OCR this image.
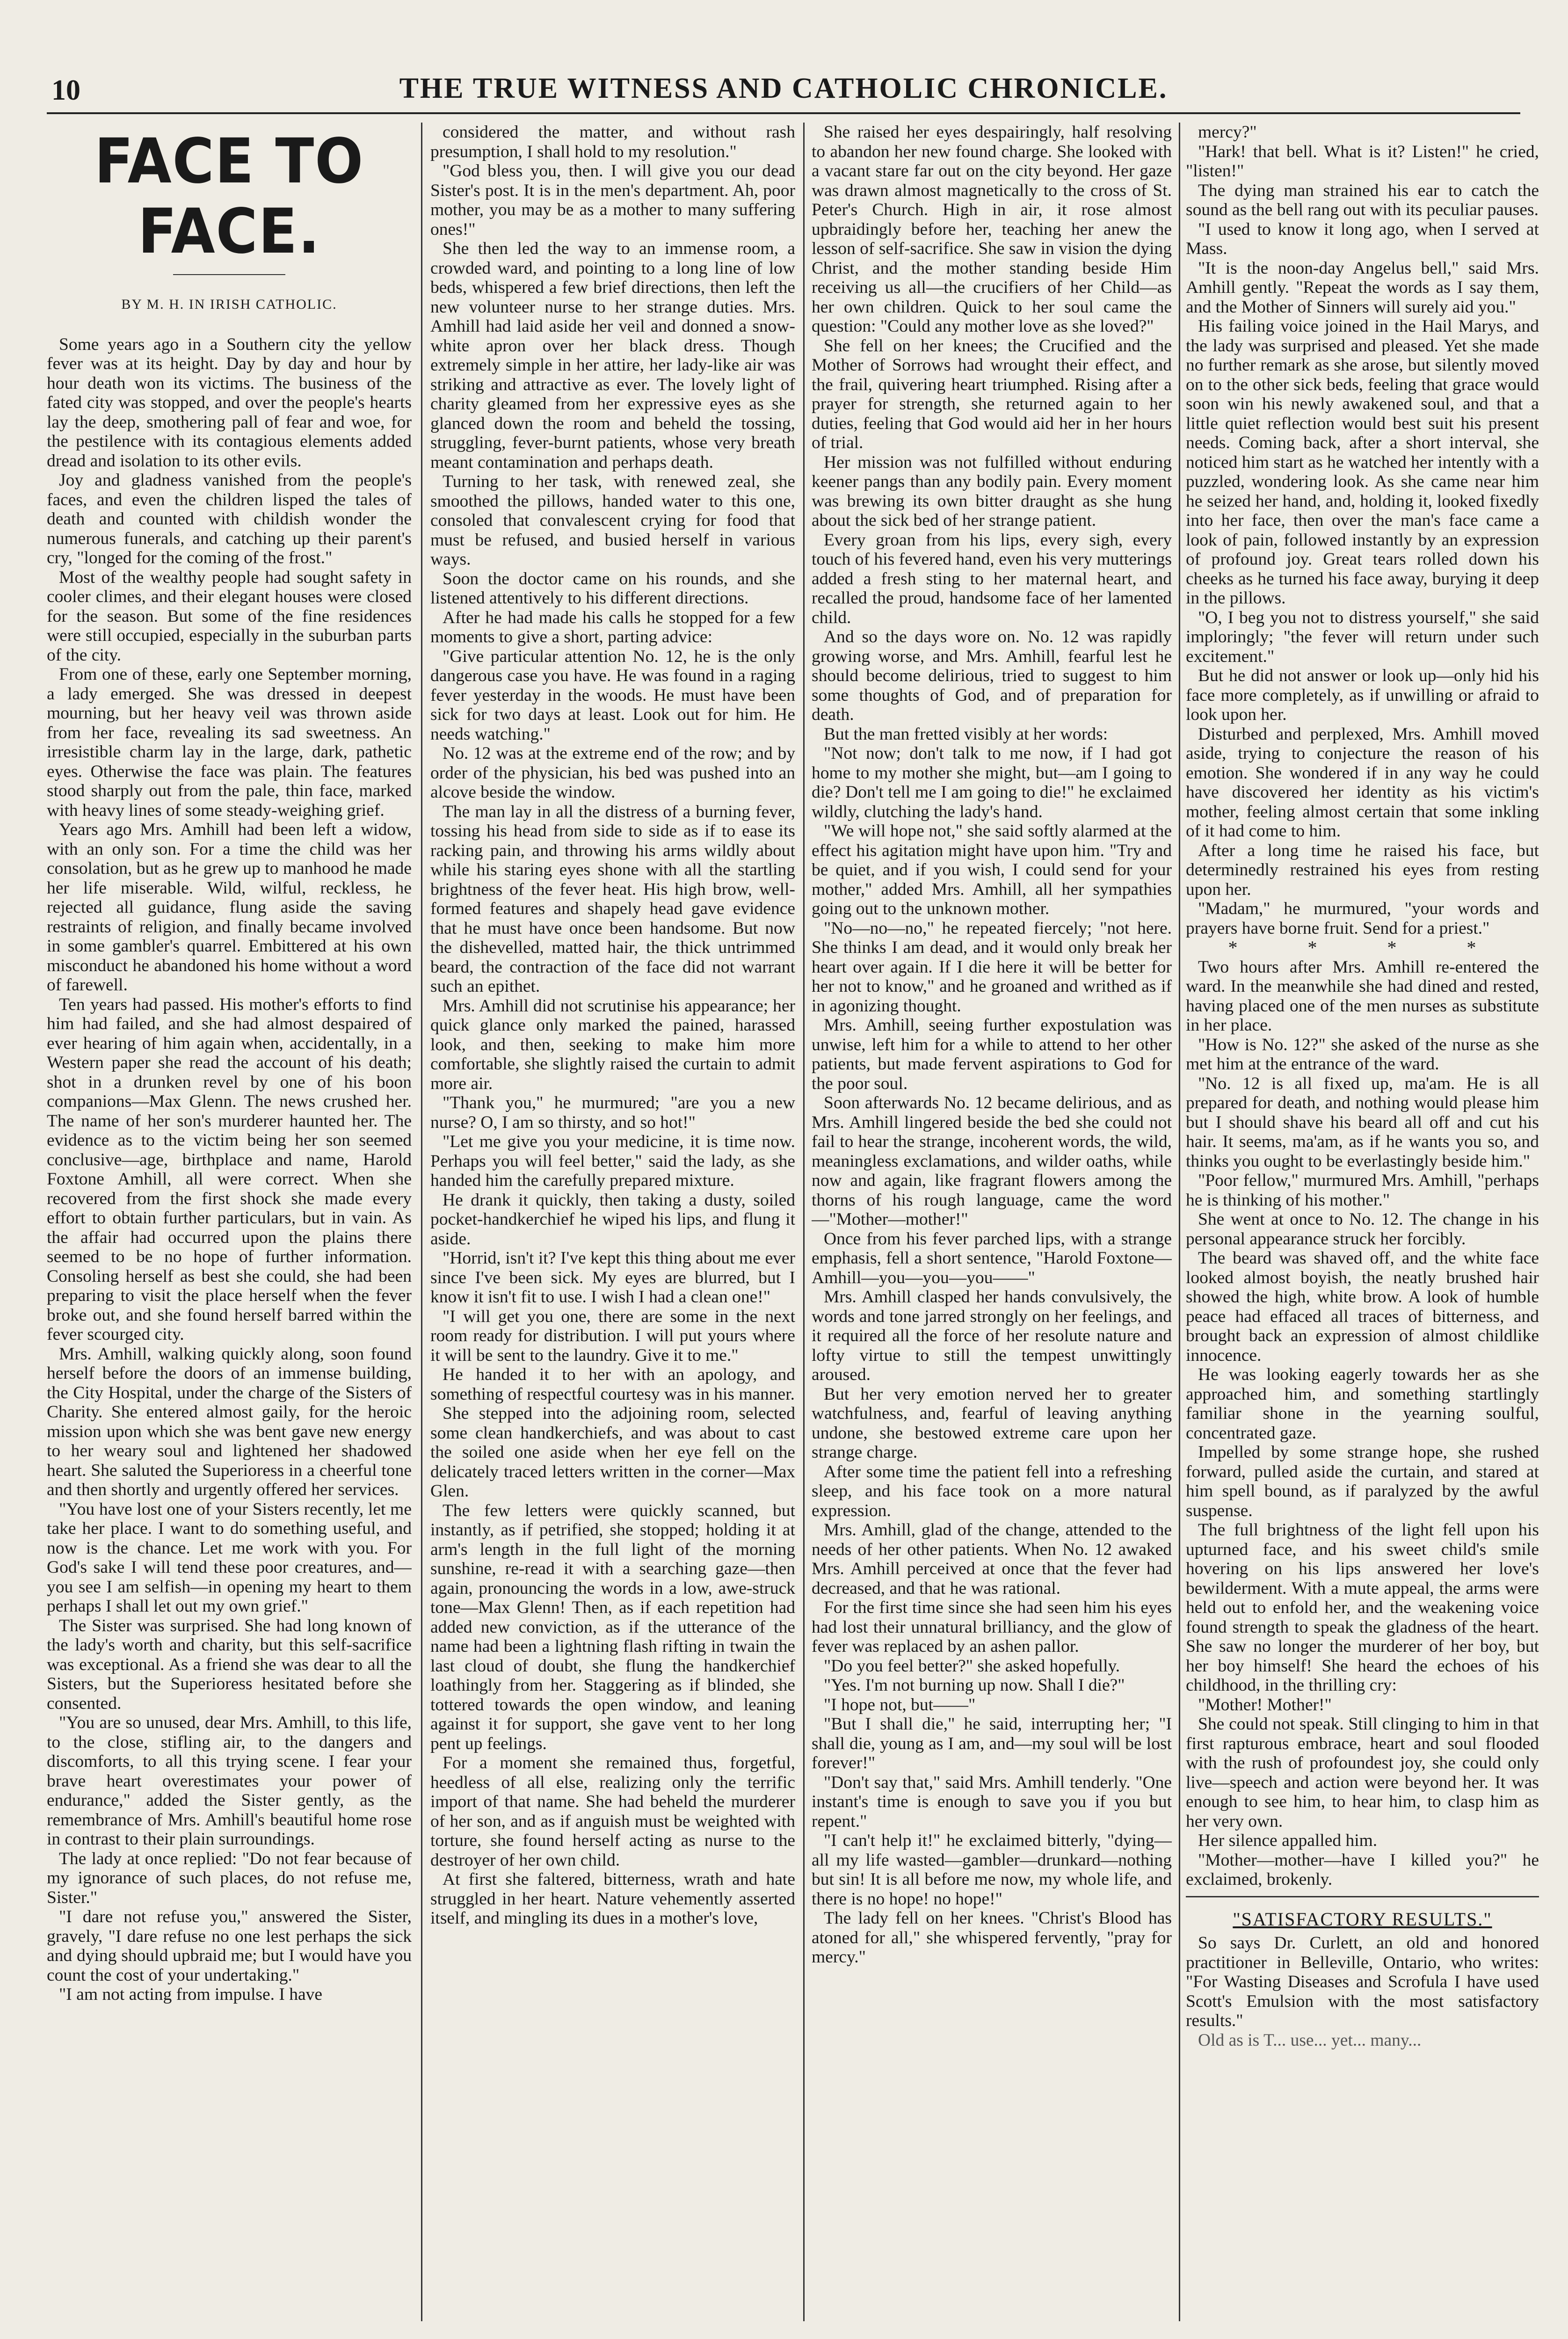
10	THE TRUE WITNESS AND CATHOLIC CHRONICLE.
FACE TO FACE.
BY M. H. IN IRISH CATHOLIC.

Some years ago in a Southern city the yellow fever was at its height. Day by day and hour by hour death won its victims. The business of the fated city was stopped, and over the people's hearts lay the deep, smothering pall of fear and woe, for the pestilence with its contagious elements added dread and isolation to its other evils.

Joy and gladness vanished from the people's faces, and even the children lisped the tales of death and counted with childish wonder the numerous funerals, and catching up their parent's cry, "longed for the coming of the frost."

Most of the wealthy people had sought safety in cooler climes, and their elegant houses were closed for the season. But some of the fine residences were still occupied, especially in the suburban parts of the city.

From one of these, early one September morning, a lady emerged. She was dressed in deepest mourning, but her heavy veil was thrown aside from her face, revealing its sad sweetness. An irresistible charm lay in the large, dark, pathetic eyes. Otherwise the face was plain. The features stood sharply out from the pale, thin face, marked with heavy lines of some steady-weighing grief.

Years ago Mrs. Amhill had been left a widow, with an only son. For a time the child was her consolation, but as he grew up to manhood he made her life miserable. Wild, wilful, reckless, he rejected all guidance, flung aside the saving restraints of religion, and finally became involved in some gambler's quarrel. Embittered at his own misconduct he abandoned his home without a word of farewell.

Ten years had passed. His mother's efforts to find him had failed, and she had almost despaired of ever hearing of him again when, accidentally, in a Western paper she read the account of his death; shot in a drunken revel by one of his boon companions—Max Glenn. The news crushed her. The name of her son's murderer haunted her. The evidence as to the victim being her son seemed conclusive—age, birthplace and name, Harold Foxtone Amhill, all were correct. When she recovered from the first shock she made every effort to obtain further particulars, but in vain. As the affair had occurred upon the plains there seemed to be no hope of further information. Consoling herself as best she could, she had been preparing to visit the place herself when the fever broke out, and she found herself barred within the fever scourged city.

Mrs. Amhill, walking quickly along, soon found herself before the doors of an immense building, the City Hospital, under the charge of the Sisters of Charity. She entered almost gaily, for the heroic mission upon which she was bent gave new energy to her weary soul and lightened her shadowed heart. She saluted the Superioress in a cheerful tone and then shortly and urgently offered her services.

"You have lost one of your Sisters recently, let me take her place. I want to do something useful, and now is the chance. Let me work with you. For God's sake I will tend these poor creatures, and—you see I am selfish—in opening my heart to them perhaps I shall let out my own grief."

The Sister was surprised. She had long known of the lady's worth and charity, but this self-sacrifice was exceptional. As a friend she was dear to all the Sisters, but the Superioress hesitated before she consented.

"You are so unused, dear Mrs. Amhill, to this life, to the close, stifling air, to the dangers and discomforts, to all this trying scene. I fear your brave heart overestimates your power of endurance," added the Sister gently, as the remembrance of Mrs. Amhill's beautiful home rose in contrast to their plain surroundings.

The lady at once replied: "Do not fear because of my ignorance of such places, do not refuse me, Sister."

"I dare not refuse you," answered the Sister, gravely, "I dare refuse no one lest perhaps the sick and dying should upbraid me; but I would have you count the cost of your undertaking."

"I am not acting from impulse. I have

considered the matter, and without rash presumption, I shall hold to my resolution."

"God bless you, then. I will give you our dead Sister's post. It is in the men's department. Ah, poor mother, you may be as a mother to many suffering ones!"

She then led the way to an immense room, a crowded ward, and pointing to a long line of low beds, whispered a few brief directions, then left the new volunteer nurse to her strange duties. Mrs. Amhill had laid aside her veil and donned a snow-white apron over her black dress. Though extremely simple in her attire, her lady-like air was striking and attractive as ever. The lovely light of charity gleamed from her expressive eyes as she glanced down the room and beheld the tossing, struggling, fever-burnt patients, whose very breath meant contamination and perhaps death.

Turning to her task, with renewed zeal, she smoothed the pillows, handed water to this one, consoled that convalescent crying for food that must be refused, and busied herself in various ways.

Soon the doctor came on his rounds, and she listened attentively to his different directions.

After he had made his calls he stopped for a few moments to give a short, parting advice:

"Give particular attention No. 12, he is the only dangerous case you have. He was found in a raging fever yesterday in the woods. He must have been sick for two days at least. Look out for him. He needs watching."

No. 12 was at the extreme end of the row; and by order of the physician, his bed was pushed into an alcove beside the window.

The man lay in all the distress of a burning fever, tossing his head from side to side as if to ease its racking pain, and throwing his arms wildly about while his staring eyes shone with all the startling brightness of the fever heat. His high brow, well-formed features and shapely head gave evidence that he must have once been handsome. But now the dishevelled, matted hair, the thick untrimmed beard, the contraction of the face did not warrant such an epithet.

Mrs. Amhill did not scrutinise his appearance; her quick glance only marked the pained, harassed look, and then, seeking to make him more comfortable, she slightly raised the curtain to admit more air.

"Thank you," he murmured; "are you a new nurse? O, I am so thirsty, and so hot!"

"Let me give you your medicine, it is time now. Perhaps you will feel better," said the lady, as she handed him the carefully prepared mixture.

He drank it quickly, then taking a dusty, soiled pocket-handkerchief he wiped his lips, and flung it aside.

"Horrid, isn't it? I've kept this thing about me ever since I've been sick. My eyes are blurred, but I know it isn't fit to use. I wish I had a clean one!"

"I will get you one, there are some in the next room ready for distribution. I will put yours where it will be sent to the laundry. Give it to me."

He handed it to her with an apology, and something of respectful courtesy was in his manner.

She stepped into the adjoining room, selected some clean handkerchiefs, and was about to cast the soiled one aside when her eye fell on the delicately traced letters written in the corner—Max Glen.

The few letters were quickly scanned, but instantly, as if petrified, she stopped; holding it at arm's length in the full light of the morning sunshine, re-read it with a searching gaze—then again, pronouncing the words in a low, awe-struck tone—Max Glenn! Then, as if each repetition had added new conviction, as if the utterance of the name had been a lightning flash rifting in twain the last cloud of doubt, she flung the handkerchief loathingly from her. Staggering as if blinded, she tottered towards the open window, and leaning against it for support, she gave vent to her long pent up feelings.

For a moment she remained thus, forgetful, heedless of all else, realizing only the terrific import of that name. She had beheld the murderer of her son, and as if anguish must be weighted with torture, she found herself acting as nurse to the destroyer of her own child.

At first she faltered, bitterness, wrath and hate struggled in her heart. Nature vehemently asserted itself, and mingling its dues in a mother's love,

She raised her eyes despairingly, half resolving to abandon her new found charge. She looked with a vacant stare far out on the city beyond. Her gaze was drawn almost magnetically to the cross of St. Peter's Church. High in air, it rose almost upbraidingly before her, teaching her anew the lesson of self-sacrifice. She saw in vision the dying Christ, and the mother standing beside Him receiving us all—the crucifiers of her Child—as her own children. Quick to her soul came the question: "Could any mother love as she loved?"

She fell on her knees; the Crucified and the Mother of Sorrows had wrought their effect, and the frail, quivering heart triumphed. Rising after a prayer for strength, she returned again to her duties, feeling that God would aid her in her hours of trial.

Her mission was not fulfilled without enduring keener pangs than any bodily pain. Every moment was brewing its own bitter draught as she hung about the sick bed of her strange patient.

Every groan from his lips, every sigh, every touch of his fevered hand, even his very mutterings added a fresh sting to her maternal heart, and recalled the proud, handsome face of her lamented child.

And so the days wore on. No. 12 was rapidly growing worse, and Mrs. Amhill, fearful lest he should become delirious, tried to suggest to him some thoughts of God, and of preparation for death.

But the man fretted visibly at her words:

"Not now; don't talk to me now, if I had got home to my mother she might, but—am I going to die? Don't tell me I am going to die!" he exclaimed wildly, clutching the lady's hand.

"We will hope not," she said softly alarmed at the effect his agitation might have upon him. "Try and be quiet, and if you wish, I could send for your mother," added Mrs. Amhill, all her sympathies going out to the unknown mother.

"No—no—no," he repeated fiercely; "not here. She thinks I am dead, and it would only break her heart over again. If I die here it will be better for her not to know," and he groaned and writhed as if in agonizing thought.

Mrs. Amhill, seeing further expostulation was unwise, left him for a while to attend to her other patients, but made fervent aspirations to God for the poor soul.

Soon afterwards No. 12 became delirious, and as Mrs. Amhill lingered beside the bed she could not fail to hear the strange, incoherent words, the wild, meaningless exclamations, and wilder oaths, while now and again, like fragrant flowers among the thorns of his rough language, came the word—"Mother—mother!"

Once from his fever parched lips, with a strange emphasis, fell a short sentence, "Harold Foxtone—Amhill—you—you—you——"

Mrs. Amhill clasped her hands convulsively, the words and tone jarred strongly on her feelings, and it required all the force of her resolute nature and lofty virtue to still the tempest unwittingly aroused.

But her very emotion nerved her to greater watchfulness, and, fearful of leaving anything undone, she bestowed extreme care upon her strange charge.

After some time the patient fell into a refreshing sleep, and his face took on a more natural expression.

Mrs. Amhill, glad of the change, attended to the needs of her other patients. When No. 12 awaked Mrs. Amhill perceived at once that the fever had decreased, and that he was rational.

For the first time since she had seen him his eyes had lost their unnatural brilliancy, and the glow of fever was replaced by an ashen pallor.

"Do you feel better?" she asked hopefully.

"Yes. I'm not burning up now. Shall I die?"

"I hope not, but——"

"But I shall die," he said, interrupting her; "I shall die, young as I am, and—my soul will be lost forever!"

"Don't say that," said Mrs. Amhill tenderly. "One instant's time is enough to save you if you but repent."

"I can't help it!" he exclaimed bitterly, "dying—all my life wasted—gambler—drunkard—nothing but sin! It is all before me now, my whole life, and there is no hope! no hope!"

The lady fell on her knees. "Christ's Blood has atoned for all," she whispered fervently, "pray for mercy."

mercy?"

"Hark! that bell. What is it? Listen!" he cried, "listen!"

The dying man strained his ear to catch the sound as the bell rang out with its peculiar pauses.

"I used to know it long ago, when I served at Mass.

"It is the noon-day Angelus bell," said Mrs. Amhill gently. "Repeat the words as I say them, and the Mother of Sinners will surely aid you."

His failing voice joined in the Hail Marys, and the lady was surprised and pleased. Yet she made no further remark as she arose, but silently moved on to the other sick beds, feeling that grace would soon win his newly awakened soul, and that a little quiet reflection would best suit his present needs. Coming back, after a short interval, she noticed him start as he watched her intently with a puzzled, wondering look. As she came near him he seized her hand, and, holding it, looked fixedly into her face, then over the man's face came a look of pain, followed instantly by an expression of profound joy. Great tears rolled down his cheeks as he turned his face away, burying it deep in the pillows.

"O, I beg you not to distress yourself," she said imploringly; "the fever will return under such excitement."

But he did not answer or look up—only hid his face more completely, as if unwilling or afraid to look upon her.

Disturbed and perplexed, Mrs. Amhill moved aside, trying to conjecture the reason of his emotion. She wondered if in any way he could have discovered her identity as his victim's mother, feeling almost certain that some inkling of it had come to him.

After a long time he raised his face, but determinedly restrained his eyes from resting upon her.

"Madam," he murmured, "your words and prayers have borne fruit. Send for a priest."

* * * *

Two hours after Mrs. Amhill re-entered the ward. In the meanwhile she had dined and rested, having placed one of the men nurses as substitute in her place.

"How is No. 12?" she asked of the nurse as she met him at the entrance of the ward.

"No. 12 is all fixed up, ma'am. He is all prepared for death, and nothing would please him but I should shave his beard all off and cut his hair. It seems, ma'am, as if he wants you so, and thinks you ought to be everlastingly beside him."

"Poor fellow," murmured Mrs. Amhill, "perhaps he is thinking of his mother."

She went at once to No. 12. The change in his personal appearance struck her forcibly.

The beard was shaved off, and the white face looked almost boyish, the neatly brushed hair showed the high, white brow. A look of humble peace had effaced all traces of bitterness, and brought back an expression of almost childlike innocence.

He was looking eagerly towards her as she approached him, and something startlingly familiar shone in the yearning soulful, concentrated gaze.

Impelled by some strange hope, she rushed forward, pulled aside the curtain, and stared at him spell bound, as if paralyzed by the awful suspense.

The full brightness of the light fell upon his upturned face, and his sweet child's smile hovering on his lips answered her love's bewilderment. With a mute appeal, the arms were held out to enfold her, and the weakening voice found strength to speak the gladness of the heart. She saw no longer the murderer of her boy, but her boy himself! She heard the echoes of his childhood, in the thrilling cry:

"Mother! Mother!"

She could not speak. Still clinging to him in that first rapturous embrace, heart and soul flooded with the rush of profoundest joy, she could only live—speech and action were beyond her. It was enough to see him, to hear him, to clasp him as her very own.

Her silence appalled him.

"Mother—mother—have I killed you?" he exclaimed, brokenly.

"SATISFACTORY RESULTS."

So says Dr. Curlett, an old and honored practitioner in Belleville, Ontario, who writes: "For Wasting Diseases and Scrofula I have used Scott's Emulsion with the most satisfactory results."

Old as is T... use... yet... many...
